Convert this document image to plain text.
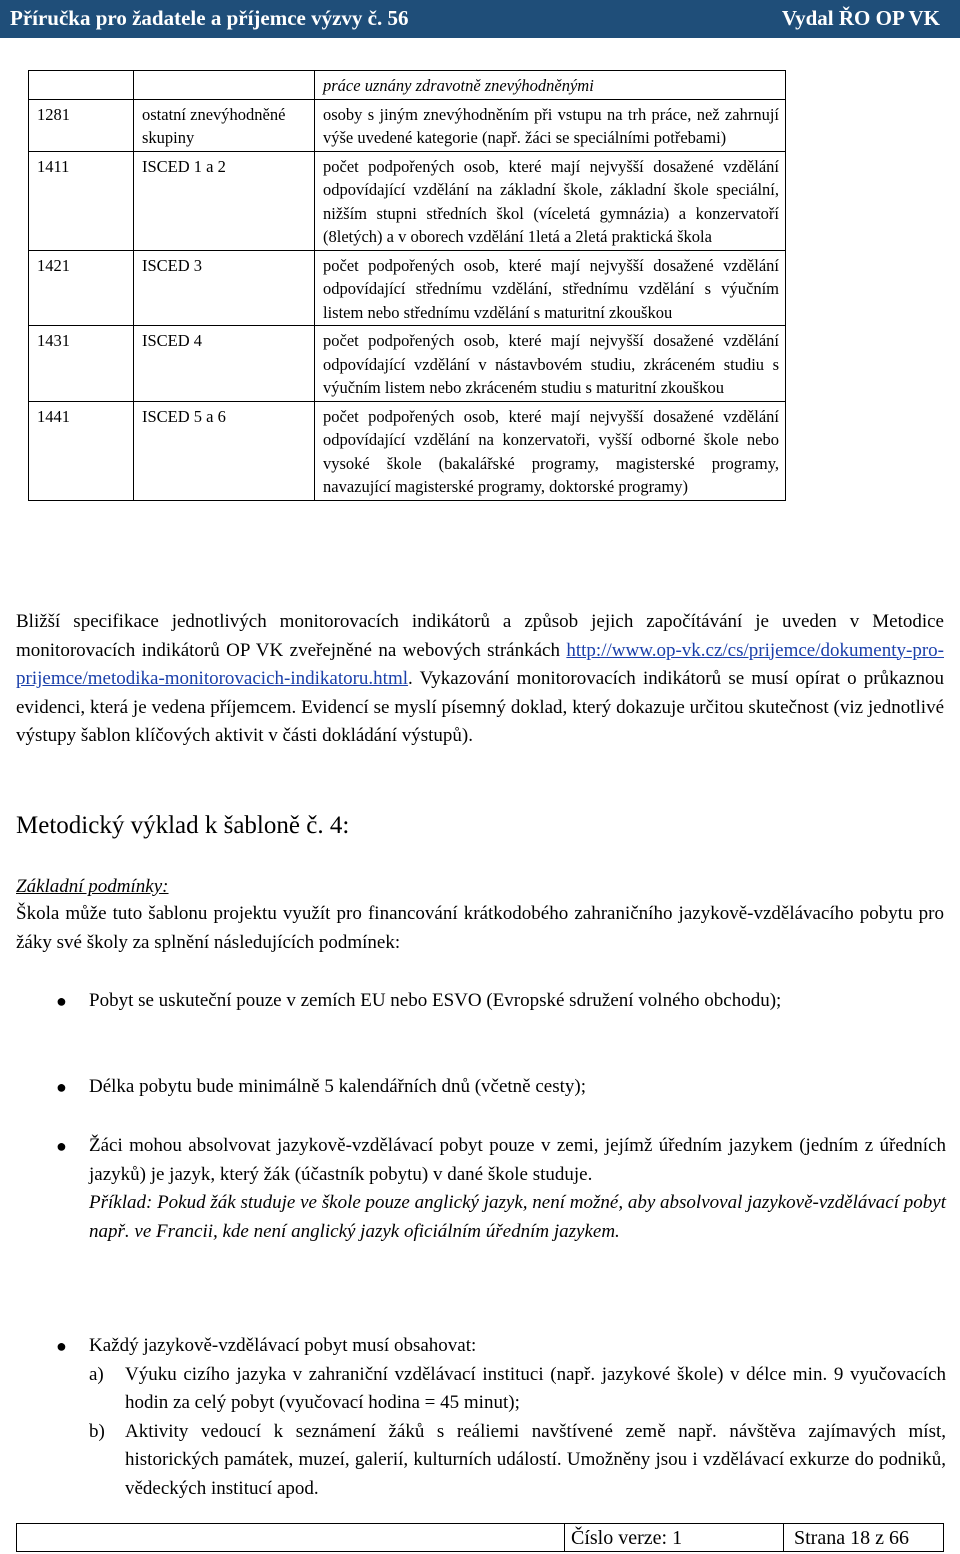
Příručka pro žadatele a příjemce výzvy č. 56	Vydal ŘO OP VK
		práce uznány zdravotně znevýhodněnými
1281	ostatní znevýhodněné skupiny	osoby s jiným znevýhodněním při vstupu na trh práce, než zahrnují výše uvedené kategorie (např. žáci se speciálními potřebami)
1411	ISCED 1 a 2	počet podpořených osob, které mají nejvyšší dosažené vzdělání odpovídající vzdělání na základní škole, základní škole speciální, nižším stupni středních škol (víceletá gymnázia) a konzervatoří (8letých) a v oborech vzdělání 1letá a 2letá praktická škola
1421	ISCED 3	počet podpořených osob, které mají nejvyšší dosažené vzdělání odpovídající střednímu vzdělání, střednímu vzdělání s výučním listem nebo střednímu vzdělání s maturitní zkouškou
1431	ISCED 4	počet podpořených osob, které mají nejvyšší dosažené vzdělání odpovídající vzdělání v nástavbovém studiu, zkráceném studiu s výučním listem nebo zkráceném studiu s maturitní zkouškou
1441	ISCED 5 a 6	počet podpořených osob, které mají nejvyšší dosažené vzdělání odpovídající vzdělání na konzervatoři, vyšší odborné škole nebo vysoké škole (bakalářské programy, magisterské programy, navazující magisterské programy, doktorské programy)
Bližší specifikace jednotlivých monitorovacích indikátorů a způsob jejich započítávání je uveden v Metodice monitorovacích indikátorů OP VK zveřejněné na webových stránkách http://www.op-vk.cz/cs/prijemce/dokumenty-pro-prijemce/metodika-monitorovacich-indikatoru.html. Vykazování monitorovacích indikátorů se musí opírat o průkaznou evidenci, která je vedena příjemcem. Evidencí se myslí písemný doklad, který dokazuje určitou skutečnost (viz jednotlivé výstupy šablon klíčových aktivit v části dokládání výstupů).
Metodický výklad k šabloně č. 4:
Základní podmínky:
Škola může tuto šablonu projektu využít pro financování krátkodobého zahraničního jazykově-vzdělávacího pobytu pro žáky své školy za splnění následujících podmínek:
● Pobyt se uskuteční pouze v zemích EU nebo ESVO (Evropské sdružení volného obchodu);
● Délka pobytu bude minimálně 5 kalendářních dnů (včetně cesty);
● Žáci mohou absolvovat jazykově-vzdělávací pobyt pouze v zemi, jejímž úředním jazykem (jedním z úředních jazyků) je jazyk, který žák (účastník pobytu) v dané škole studuje.
Příklad: Pokud žák studuje ve škole pouze anglický jazyk, není možné, aby absolvoval jazykově-vzdělávací pobyt např. ve Francii, kde není anglický jazyk oficiálním úředním jazykem.
● Každý jazykově-vzdělávací pobyt musí obsahovat:
a) Výuku cizího jazyka v zahraniční vzdělávací instituci (např. jazykové škole) v délce min. 9 vyučovacích hodin za celý pobyt (vyučovací hodina = 45 minut);
b) Aktivity vedoucí k seznámení žáků s reáliemi navštívené země např. návštěva zajímavých míst, historických památek, muzeí, galerií, kulturních událostí. Umožněny jsou i vzdělávací exkurze do podniků, vědeckých institucí apod.
Číslo verze: 1	Strana 18 z 66
